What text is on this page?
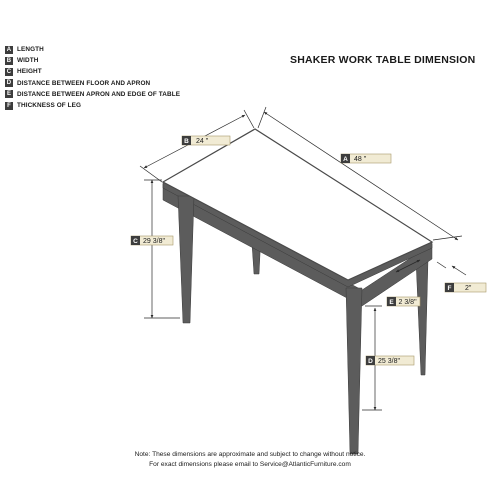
A LENGTH
B WIDTH
C HEIGHT
D DISTANCE BETWEEN FLOOR AND APRON
E DISTANCE BETWEEN APRON AND EDGE OF TABLE
F THICKNESS OF LEG
SHAKER WORK TABLE DIMENSION
A 48 "
B 24 "
C 29 3/8"
D 25 3/8"
E 2 3/8"
F 2"
Note: These dimensions are approximate and subject to change without notice.
For exact dimensions please email to Service@AtlanticFurniture.com
